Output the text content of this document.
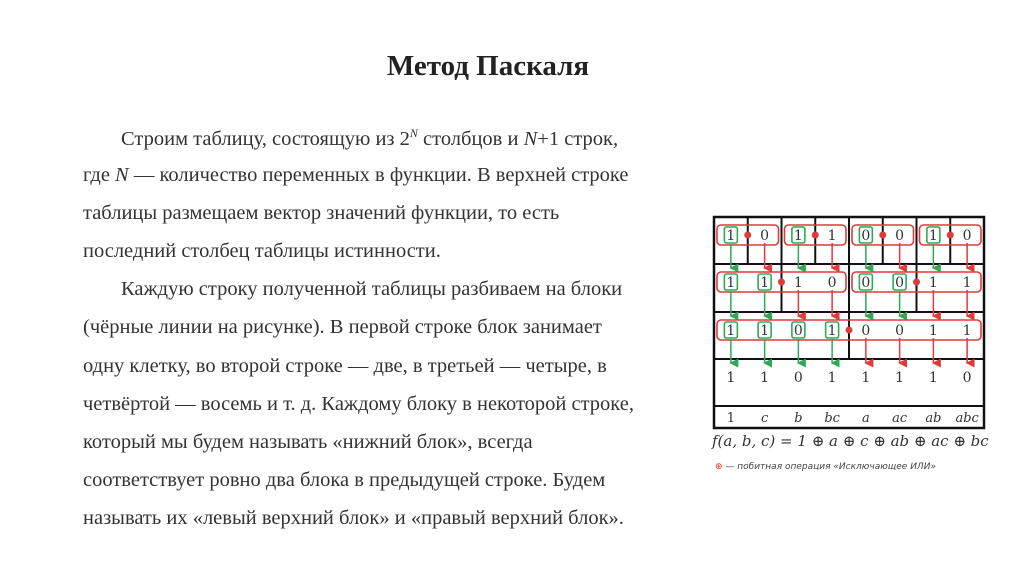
Метод Паскаля
Строим таблицу, состоящую из $2^N$ столбцов и N+1 строк,
где N — количество переменных в функции. В верхней строке
таблицы размещаем вектор значений функции, то есть
последний столбец таблицы истинности.
Каждую строку полученной таблицы разбиваем на блоки
(чёрные линии на рисунке). В первой строке блок занимает
одну клетку, во второй строке — две, в третьей — четыре, в
четвёртой — восемь и т. д. Каждому блоку в некоторой строке,
который мы будем называть «нижний блок», всегда
соответствует ровно два блока в предыдущей строке. Будем
называть их «левый верхний блок» и «правый верхний блок».
1 0 1 1 0 0 1 0
1 1 1 0 0 0 1 1
1 1 0 1 0 0 1 1
1 1 0 1 1 1 1 0
1 c b bc a ac ab abc
f(a, b, c) = 1 ⊕ a ⊕ c ⊕ ab ⊕ ac ⊕ bc
⊕ — побитная операция «Исключающее ИЛИ»
